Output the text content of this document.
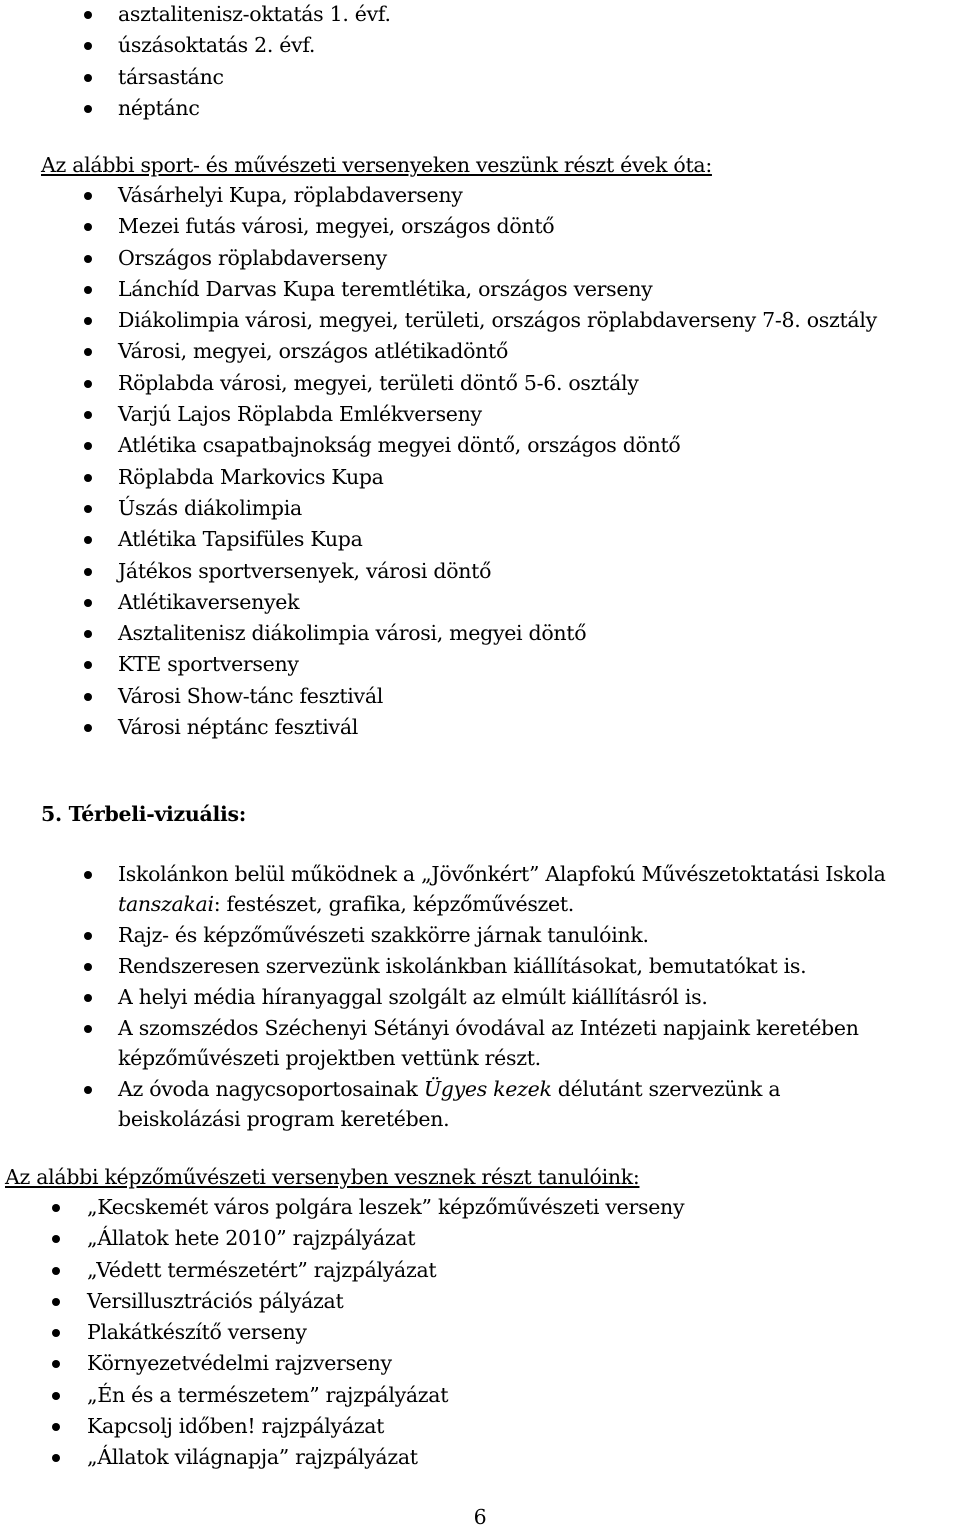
asztalitenisz-oktatás 1. évf.
úszásoktatás 2. évf.
társastánc
néptánc
Az alábbi sport- és művészeti versenyeken veszünk részt évek óta:
Vásárhelyi Kupa, röplabdaverseny
Mezei futás városi, megyei, országos döntő
Országos röplabdaverseny
Lánchíd Darvas Kupa teremtlétika, országos verseny
Diákolimpia városi, megyei, területi, országos röplabdaverseny 7-8. osztály
Városi, megyei, országos atlétikadöntő
Röplabda városi, megyei, területi döntő 5-6. osztály
Varjú Lajos Röplabda Emlékverseny
Atlétika csapatbajnokság megyei döntő, országos döntő
Röplabda Markovics Kupa
Úszás diákolimpia
Atlétika Tapsifüles Kupa
Játékos sportversenyek, városi döntő
Atlétikaversenyek
Asztalitenisz diákolimpia városi, megyei döntő
KTE sportverseny
Városi Show-tánc fesztivál
Városi néptánc fesztivál
5. Térbeli-vizuális:
Iskolánkon belül működnek a „Jövőnkért” Alapfokú Művészetoktatási Iskola tanszakai: festészet, grafika, képzőművészet.
Rajz- és képzőművészeti szakkörre járnak tanulóink.
Rendszeresen szervezünk iskolánkban kiállításokat, bemutatókat is.
A helyi média híranyaggal szolgált az elmúlt kiállításról is.
A szomszédos Széchenyi Sétányi óvodával az Intézeti napjaink keretében képzőművészeti projektben vettünk részt.
Az óvoda nagycsoportosainak Ügyes kezek délutánt szervezünk a beiskolázási program keretében.
Az alábbi képzőművészeti versenyben vesznek részt tanulóink:
„Kecskemét város polgára leszek” képzőművészeti verseny
„Állatok hete 2010” rajzpályázat
„Védett természetért” rajzpályázat
Versillusztrációs pályázat
Plakátkészítő verseny
Környezetvédelmi rajzverseny
„Én és a természetem” rajzpályázat
Kapcsolj időben! rajzpályázat
„Állatok világnapja” rajzpályázat
6
